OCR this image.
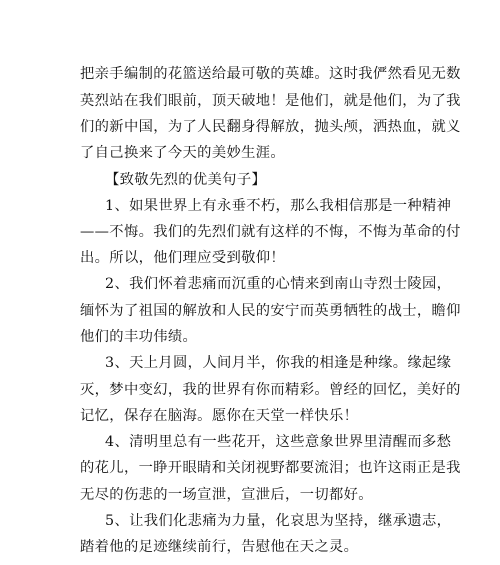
把亲手编制的花篮送给最可敬的英雄。这时我俨然看见无数
英烈站在我们眼前，顶天破地！是他们，就是他们，为了我
们的新中国，为了人民翻身得解放，抛头颅，洒热血，就义
了自己换来了今天的美妙生涯。
【致敬先烈的优美句子】
1、如果世界上有永垂不朽，那么我相信那是一种精神
——不悔。我们的先烈们就有这样的不悔，不悔为革命的付
出。所以，他们理应受到敬仰！
2、我们怀着悲痛而沉重的心情来到南山寺烈士陵园，
缅怀为了祖国的解放和人民的安宁而英勇牺牲的战士，瞻仰
他们的丰功伟绩。
3、天上月圆，人间月半，你我的相逢是种缘。缘起缘
灭，梦中变幻，我的世界有你而精彩。曾经的回忆，美好的
记忆，保存在脑海。愿你在天堂一样快乐！
4、清明里总有一些花开，这些意象世界里清醒而多愁
的花儿，一睁开眼睛和关闭视野都要流泪；也许这雨正是我
无尽的伤悲的一场宣泄，宣泄后，一切都好。
5、让我们化悲痛为力量，化哀思为坚持，继承遗志，
踏着他的足迹继续前行，告慰他在天之灵。
